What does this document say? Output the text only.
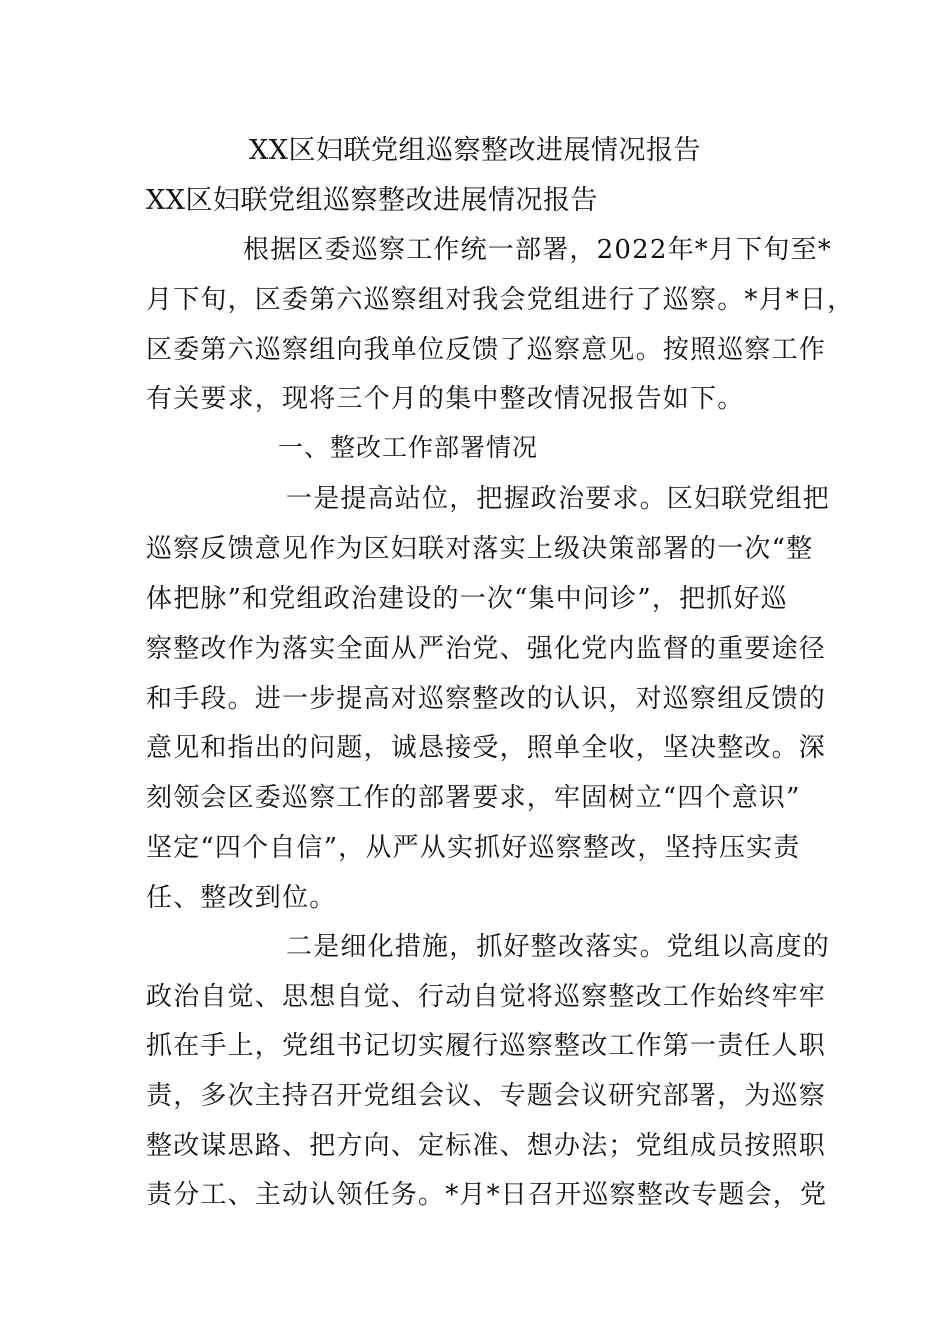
XX区妇联党组巡察整改进展情况报告
XX区妇联党组巡察整改进展情况报告
根据区委巡察工作统一部署，2022年*月下旬至*
月下旬，区委第六巡察组对我会党组进行了巡察。*月*日，
区委第六巡察组向我单位反馈了巡察意见。按照巡察工作
有关要求，现将三个月的集中整改情况报告如下。
一、整改工作部署情况
一是提高站位，把握政治要求。区妇联党组把
巡察反馈意见作为区妇联对落实上级决策部署的一次“整
体把脉”和党组政治建设的一次“集中问诊”，把抓好巡
察整改作为落实全面从严治党、强化党内监督的重要途径
和手段。进一步提高对巡察整改的认识，对巡察组反馈的
意见和指出的问题，诚恳接受，照单全收，坚决整改。深
刻领会区委巡察工作的部署要求，牢固树立“四个意识”
坚定“四个自信”，从严从实抓好巡察整改，坚持压实责
任、整改到位。
二是细化措施，抓好整改落实。党组以高度的
政治自觉、思想自觉、行动自觉将巡察整改工作始终牢牢
抓在手上，党组书记切实履行巡察整改工作第一责任人职
责，多次主持召开党组会议、专题会议研究部署，为巡察
整改谋思路、把方向、定标准、想办法；党组成员按照职
责分工、主动认领任务。*月*日召开巡察整改专题会，党
